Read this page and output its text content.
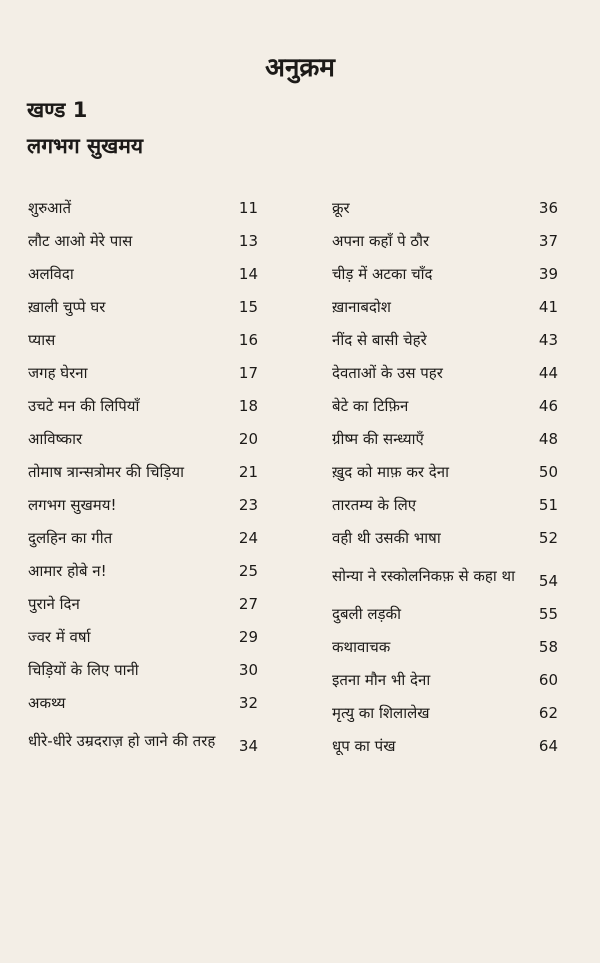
अनुक्रम
खण्ड 1
लगभग सुखमय
शुरुआतें	11
लौट आओ मेरे पास	13
अलविदा	14
ख़ाली चुप्पे घर	15
प्यास	16
जगह घेरना	17
उचटे मन की लिपियाँ	18
आविष्कार	20
तोमाष त्रान्सत्रोमर की चिड़िया	21
लगभग सुखमय!	23
दुलहिन का गीत	24
आमार होबे न!	25
पुराने दिन	27
ज्वर में वर्षा	29
चिड़ियों के लिए पानी	30
अकथ्य	32
धीरे-धीरे उम्रदराज़ हो जाने की तरह	34
क्रूर	36
अपना कहाँ पे ठौर	37
चीड़ में अटका चाँद	39
ख़ानाबदोश	41
नींद से बासी चेहरे	43
देवताओं के उस पहर	44
बेटे का टिफ़िन	46
ग्रीष्म की सन्ध्याएँ	48
ख़ुद को माफ़ कर देना	50
तारतम्य के लिए	51
वही थी उसकी भाषा	52
सोन्या ने रस्कोलनिकफ़ से कहा था	54
दुबली लड़की	55
कथावाचक	58
इतना मौन भी देना	60
मृत्यु का शिलालेख	62
धूप का पंख	64
